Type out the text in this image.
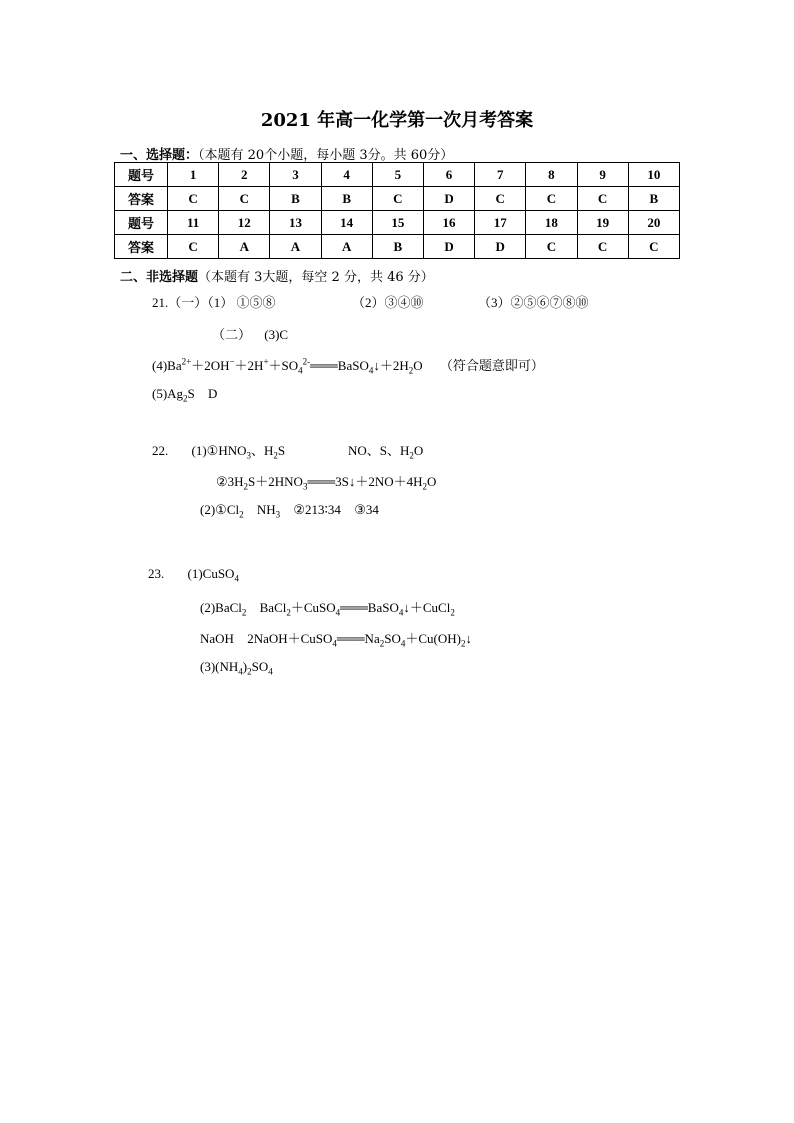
2021 年高一化学第一次月考答案
一、选择题：（本题有 20个小题，每小题 3分。共 60分）
题号	1	2	3	4	5	6	7	8	9	10
答案	C	C	B	B	C	D	C	C	C	B
题号	11	12	13	14	15	16	17	18	19	20
答案	C	A	A	A	B	D	D	C	C	C
二、非选择题（本题有 3大题，每空 2 分，共 46 分）
21.（一）（1） ①⑤⑧	（2）③④⑩	（3）②⑤⑥⑦⑧⑩
（二） (3)C
$(4)Ba^{2+}+2OH^-+2H^++SO_4^{2-}═══BaSO_4↓+2H_2O$ （符合题意即可）
$(5)Ag_2S$ D
22. $(1)①HNO_3$、$H_2S$	NO、S、$H_2O$
$②3H_2S+2HNO_3═══3S↓+2NO+4H_2O$
$(2)①Cl_2$ $NH_3$ ②213∶34 ③34
23. (1)CuSO$_4$
(2)BaCl$_2$ BaCl$_2$＋CuSO$_4$═══BaSO$_4$↓＋CuCl$_2$
NaOH $2NaOH+CuSO_4═══Na_2SO_4+Cu(OH)_2↓$
$(3)(NH_4)_2SO_4$
